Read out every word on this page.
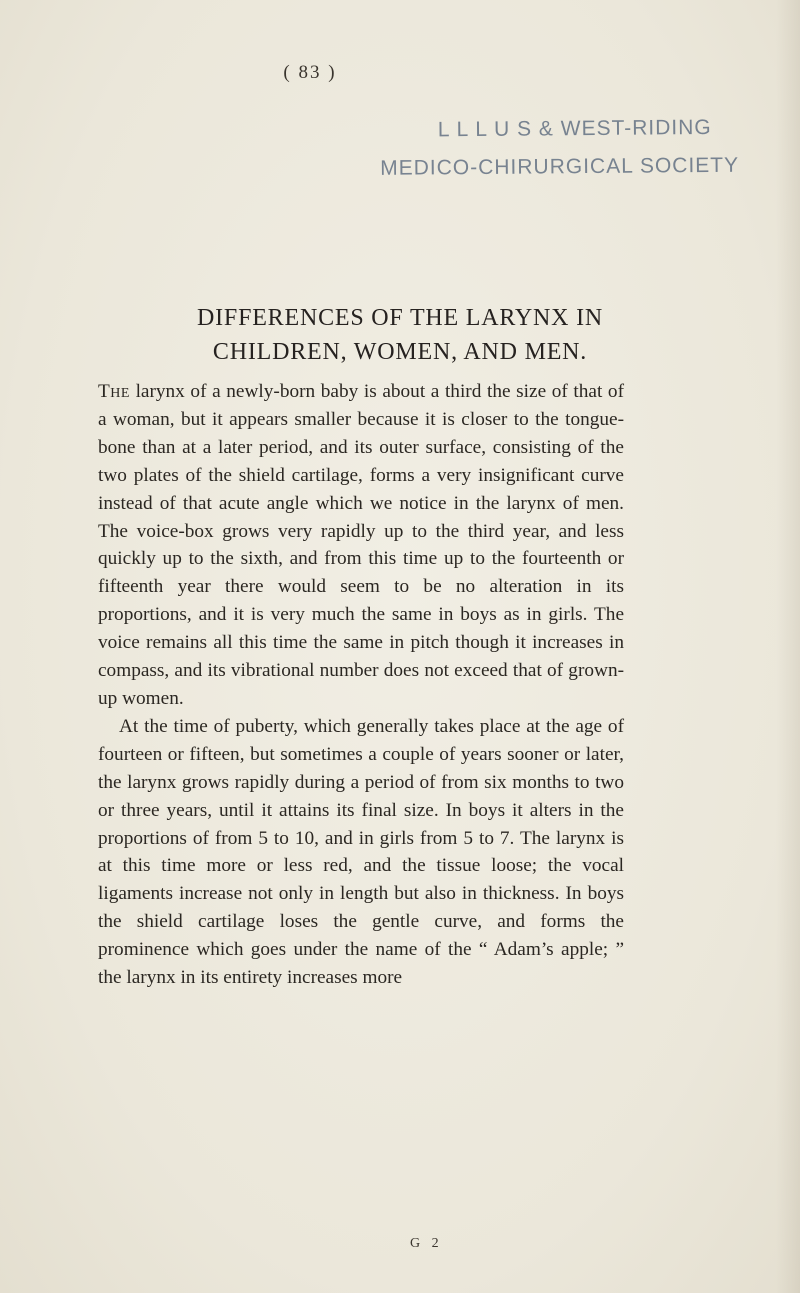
( 83 )
L L L U S & WEST-RIDING
MEDICO-CHIRURGICAL SOCIETY
DIFFERENCES OF THE LARYNX IN
CHILDREN, WOMEN, AND MEN.

The larynx of a newly-born baby is about a third the size of that of a woman, but it appears smaller because it is closer to the tongue-bone than at a later period, and its outer surface, consisting of the two plates of the shield cartilage, forms a very insignificant curve instead of that acute angle which we notice in the larynx of men. The voice-box grows very rapidly up to the third year, and less quickly up to the sixth, and from this time up to the fourteenth or fifteenth year there would seem to be no alteration in its proportions, and it is very much the same in boys as in girls. The voice remains all this time the same in pitch though it increases in compass, and its vibrational number does not exceed that of grown-up women.

At the time of puberty, which generally takes place at the age of fourteen or fifteen, but sometimes a couple of years sooner or later, the larynx grows rapidly during a period of from six months to two or three years, until it attains its final size. In boys it alters in the proportions of from 5 to 10, and in girls from 5 to 7. The larynx is at this time more or less red, and the tissue loose; the vocal ligaments increase not only in length but also in thickness. In boys the shield cartilage loses the gentle curve, and forms the prominence which goes under the name of the “ Adam’s apple; ” the larynx in its entirety increases more

G 2
